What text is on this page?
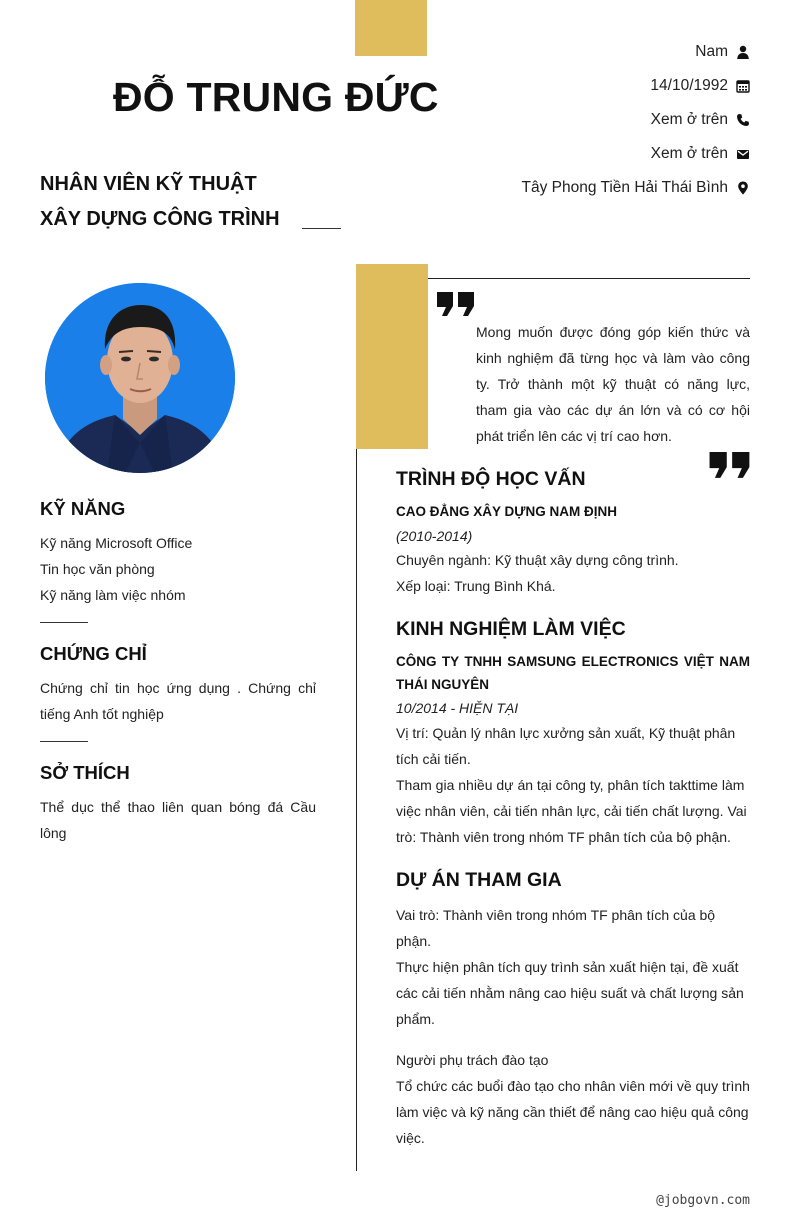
ĐỖ TRUNG ĐỨC
NHÂN VIÊN KỸ THUẬT
XÂY DỰNG CÔNG TRÌNH
Nam
14/10/1992
Xem ở trên
Xem ở trên
Tây Phong Tiền Hải Thái Bình
KỸ NĂNG
Kỹ năng Microsoft Office
Tin học văn phòng
Kỹ năng làm việc nhóm
CHỨNG CHỈ
Chứng chỉ tin học ứng dụng . Chứng chỉ tiếng Anh tốt nghiệp
SỞ THÍCH
Thể dục thể thao liên quan bóng đá Cầu lông
Mong muốn được đóng góp kiến thức và kinh nghiệm đã từng học và làm vào công ty. Trở thành một kỹ thuật có năng lực, tham gia vào các dự án lớn và có cơ hội phát triển lên các vị trí cao hơn.
TRÌNH ĐỘ HỌC VẤN
CAO ĐẲNG XÂY DỰNG NAM ĐỊNH
(2010-2014)
Chuyên ngành: Kỹ thuật xây dựng công trình.
Xếp loại: Trung Bình Khá.
KINH NGHIỆM LÀM VIỆC
CÔNG TY TNHH SAMSUNG ELECTRONICS VIỆT NAM THÁI NGUYÊN
10/2014 - HIỆN TẠI
Vị trí: Quản lý nhân lực xưởng sản xuất, Kỹ thuật phân tích cải tiến.
Tham gia nhiều dự án tại công ty, phân tích takttime làm việc nhân viên, cải tiến nhân lực, cải tiến chất lượng. Vai trò: Thành viên trong nhóm TF phân tích của bộ phận.
DỰ ÁN THAM GIA
Vai trò: Thành viên trong nhóm TF phân tích của bộ phận.
Thực hiện phân tích quy trình sản xuất hiện tại, đề xuất các cải tiến nhằm nâng cao hiệu suất và chất lượng sản phẩm.
Người phụ trách đào tạo
Tổ chức các buổi đào tạo cho nhân viên mới về quy trình làm việc và kỹ năng cần thiết để nâng cao hiệu quả công việc.
@jobgovn.com
